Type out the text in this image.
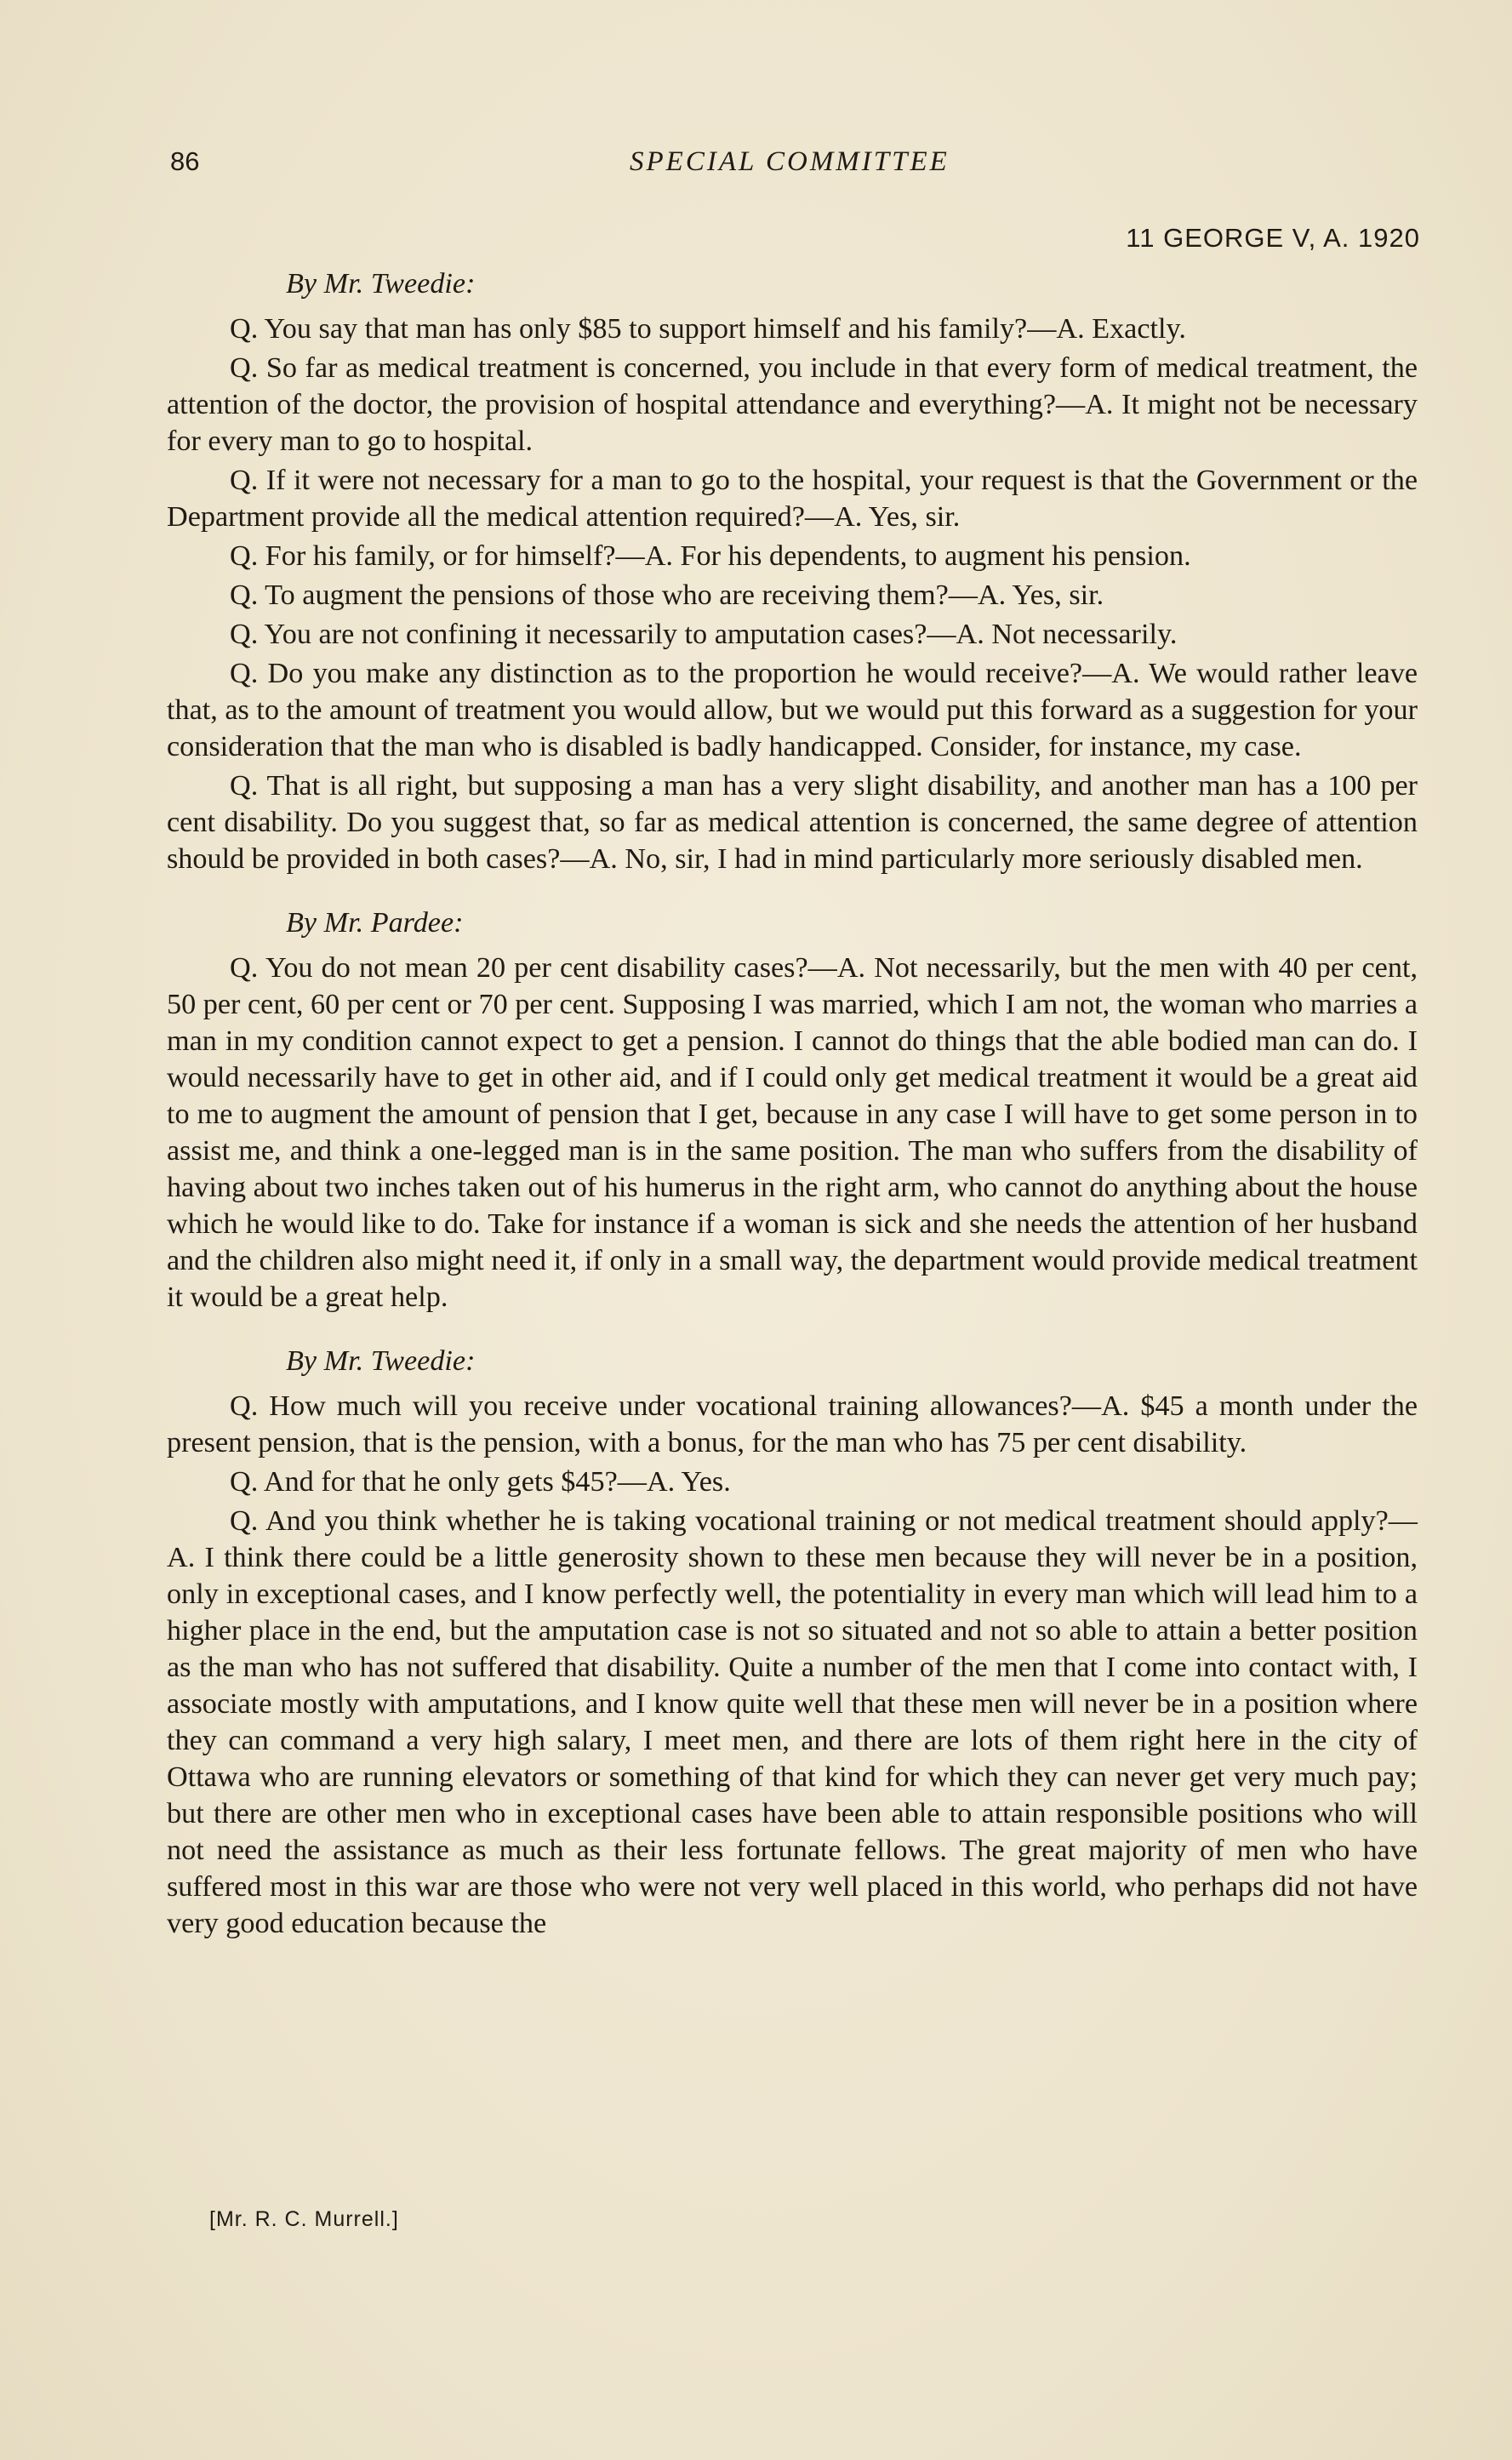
86	SPECIAL COMMITTEE
11 GEORGE V, A. 1920
By Mr. Tweedie:

Q. You say that man has only $85 to support himself and his family?—A. Exactly.

Q. So far as medical treatment is concerned, you include in that every form of medical treatment, the attention of the doctor, the provision of hospital attendance and everything?—A. It might not be necessary for every man to go to hospital.

Q. If it were not necessary for a man to go to the hospital, your request is that the Government or the Department provide all the medical attention required?—A. Yes, sir.

Q. For his family, or for himself?—A. For his dependents, to augment his pension.

Q. To augment the pensions of those who are receiving them?—A. Yes, sir.

Q. You are not confining it necessarily to amputation cases?—A. Not necessarily.

Q. Do you make any distinction as to the proportion he would receive?—A. We would rather leave that, as to the amount of treatment you would allow, but we would put this forward as a suggestion for your consideration that the man who is disabled is badly handicapped. Consider, for instance, my case.

Q. That is all right, but supposing a man has a very slight disability, and another man has a 100 per cent disability. Do you suggest that, so far as medical attention is concerned, the same degree of attention should be provided in both cases?—A. No, sir, I had in mind particularly more seriously disabled men.

By Mr. Pardee:

Q. You do not mean 20 per cent disability cases?—A. Not necessarily, but the men with 40 per cent, 50 per cent, 60 per cent or 70 per cent. Supposing I was married, which I am not, the woman who marries a man in my condition cannot expect to get a pension. I cannot do things that the able bodied man can do. I would necessarily have to get in other aid, and if I could only get medical treatment it would be a great aid to me to augment the amount of pension that I get, because in any case I will have to get some person in to assist me, and think a one-legged man is in the same position. The man who suffers from the disability of having about two inches taken out of his humerus in the right arm, who cannot do anything about the house which he would like to do. Take for instance if a woman is sick and she needs the attention of her husband and the children also might need it, if only in a small way, the department would provide medical treatment it would be a great help.

By Mr. Tweedie:

Q. How much will you receive under vocational training allowances?—A. $45 a month under the present pension, that is the pension, with a bonus, for the man who has 75 per cent disability.

Q. And for that he only gets $45?—A. Yes.

Q. And you think whether he is taking vocational training or not medical treatment should apply?—A. I think there could be a little generosity shown to these men because they will never be in a position, only in exceptional cases, and I know perfectly well, the potentiality in every man which will lead him to a higher place in the end, but the amputation case is not so situated and not so able to attain a better position as the man who has not suffered that disability. Quite a number of the men that I come into contact with, I associate mostly with amputations, and I know quite well that these men will never be in a position where they can command a very high salary, I meet men, and there are lots of them right here in the city of Ottawa who are running elevators or something of that kind for which they can never get very much pay; but there are other men who in exceptional cases have been able to attain responsible positions who will not need the assistance as much as their less fortunate fellows. The great majority of men who have suffered most in this war are those who were not very well placed in this world, who perhaps did not have very good education because the

[Mr. R. C. Murrell.]
